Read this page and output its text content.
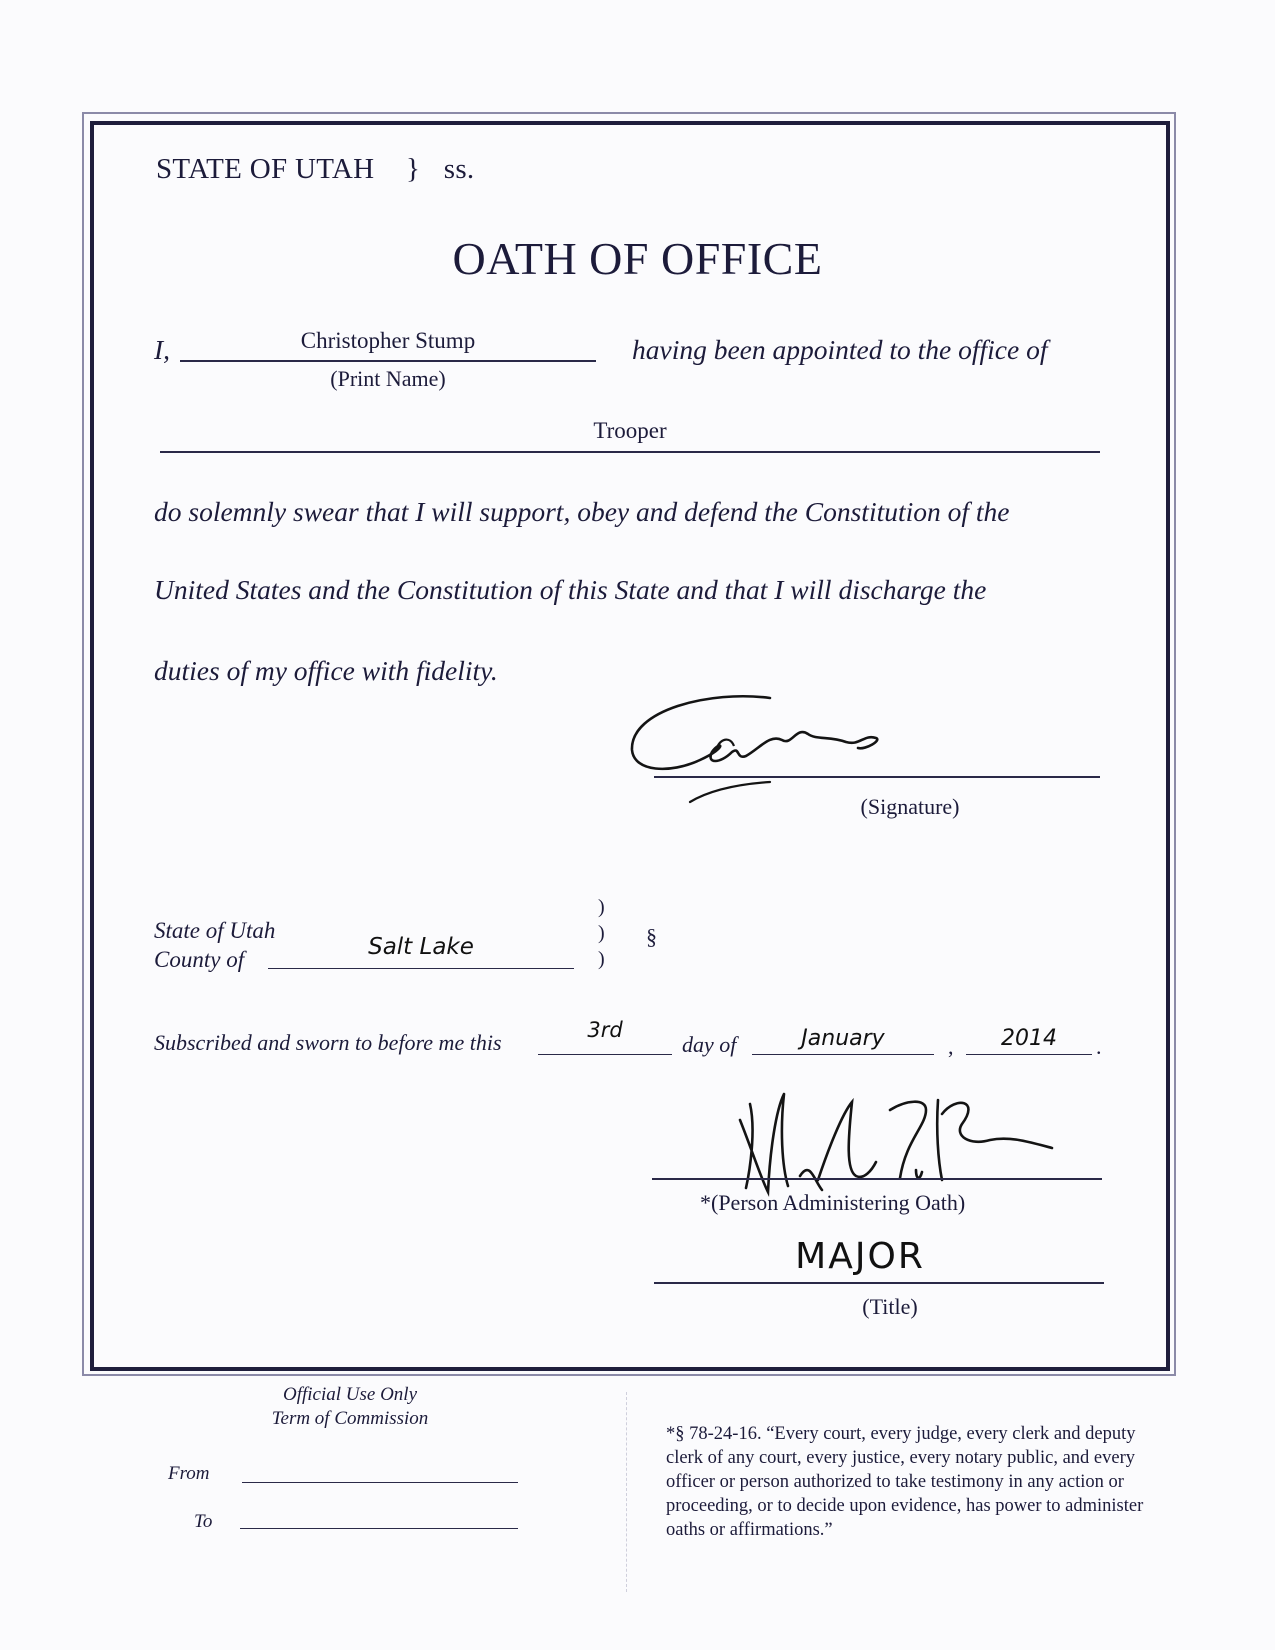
STATE OF UTAH } ss.
OATH OF OFFICE
I,	Christopher Stump
(Print Name)
having been appointed to the office of
Trooper
do solemnly swear that I will support, obey and defend the Constitution of the
United States and the Constitution of this State and that I will discharge the
duties of my office with fidelity.
(Signature)
State of Utah
County of	Salt Lake
)
)
)
§
Subscribed and sworn to before me this	3rd
day of	January	,	2014	.
*(Person Administering Oath)
MAJOR
(Title)
Official Use Only
Term of Commission
From
To
*§ 78-24-16. “Every court, every judge, every clerk and deputy clerk of any court, every justice, every notary public, and every officer or person authorized to take testimony in any action or proceeding, or to decide upon evidence, has power to administer oaths or affirmations.”
